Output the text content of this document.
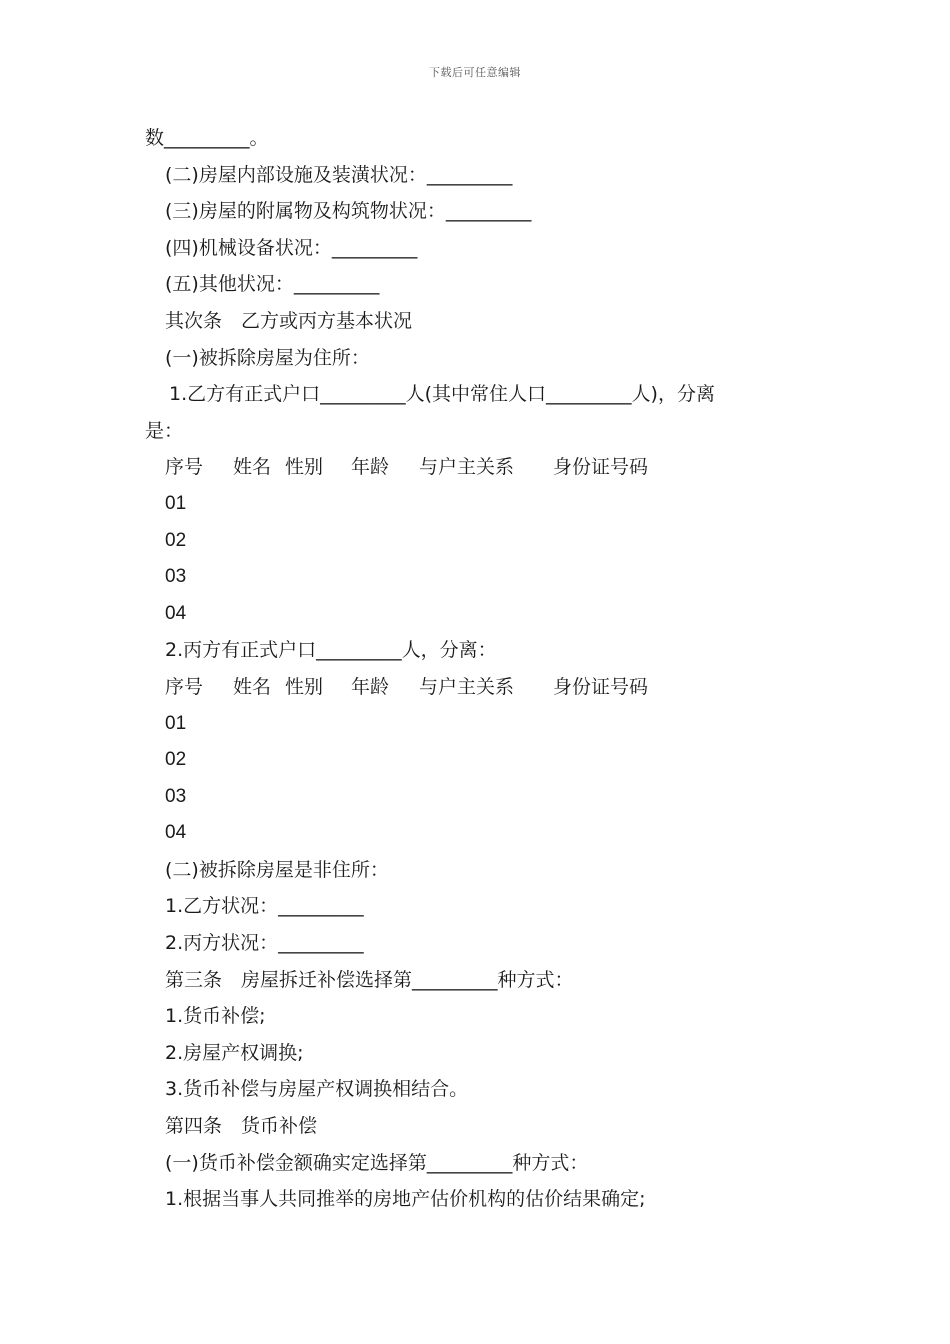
下载后可任意编辑
数_________。
(二)房屋内部设施及装潢状况：_________
(三)房屋的附属物及构筑物状况：_________
(四)机械设备状况：_________
(五)其他状况：_________
其次条　乙方或丙方基本状况
(一)被拆除房屋为住所：
1.乙方有正式户口_________人(其中常住人口_________人)，分离
是：
序号 姓名 性别 年龄 与户主关系 身份证号码
01
02
03
04
2.丙方有正式户口_________人，分离：
序号 姓名 性别 年龄 与户主关系 身份证号码
01
02
03
04
(二)被拆除房屋是非住所：
1.乙方状况：_________
2.丙方状况：_________
第三条　房屋拆迁补偿选择第_________种方式：
1.货币补偿;
2.房屋产权调换;
3.货币补偿与房屋产权调换相结合。
第四条　货币补偿
(一)货币补偿金额确实定选择第_________种方式：
1.根据当事人共同推举的房地产估价机构的估价结果确定;
